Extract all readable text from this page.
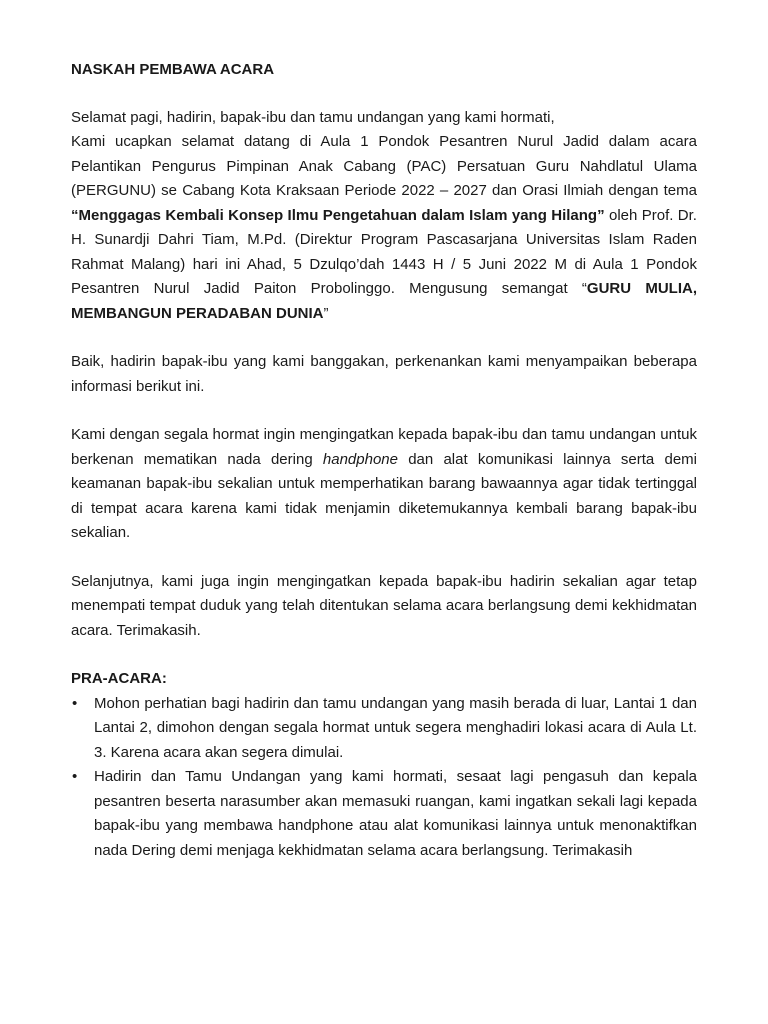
NASKAH PEMBAWA ACARA
Selamat pagi, hadirin, bapak-ibu dan tamu undangan yang kami hormati,
Kami ucapkan selamat datang di Aula 1 Pondok Pesantren Nurul Jadid dalam acara Pelantikan Pengurus Pimpinan Anak Cabang (PAC) Persatuan Guru Nahdlatul Ulama (PERGUNU) se Cabang Kota Kraksaan Periode 2022 – 2027 dan Orasi Ilmiah dengan tema “Menggagas Kembali Konsep Ilmu Pengetahuan dalam Islam yang Hilang” oleh Prof. Dr. H. Sunardji Dahri Tiam, M.Pd. (Direktur Program Pascasarjana Universitas Islam Raden Rahmat Malang) hari ini Ahad, 5 Dzulqo’dah 1443 H / 5 Juni 2022 M di Aula 1 Pondok Pesantren Nurul Jadid Paiton Probolinggo. Mengusung semangat “GURU MULIA, MEMBANGUN PERADABAN DUNIA”
Baik, hadirin bapak-ibu yang kami banggakan, perkenankan kami menyampaikan beberapa informasi berikut ini.
Kami dengan segala hormat ingin mengingatkan kepada bapak-ibu dan tamu undangan untuk berkenan mematikan nada dering handphone dan alat komunikasi lainnya serta demi keamanan bapak-ibu sekalian untuk memperhatikan barang bawaannya agar tidak tertinggal di tempat acara karena kami tidak menjamin diketemukannya kembali barang bapak-ibu sekalian.
Selanjutnya, kami juga ingin mengingatkan kepada bapak-ibu hadirin sekalian agar tetap menempati tempat duduk yang telah ditentukan selama acara berlangsung demi kekhidmatan acara. Terimakasih.
PRA-ACARA:
• Mohon perhatian bagi hadirin dan tamu undangan yang masih berada di luar, Lantai 1 dan Lantai 2, dimohon dengan segala hormat untuk segera menghadiri lokasi acara di Aula Lt. 3. Karena acara akan segera dimulai.
• Hadirin dan Tamu Undangan yang kami hormati, sesaat lagi pengasuh dan kepala pesantren beserta narasumber akan memasuki ruangan, kami ingatkan sekali lagi kepada bapak-ibu yang membawa handphone atau alat komunikasi lainnya untuk menonaktifkan nada Dering demi menjaga kekhidmatan selama acara berlangsung. Terimakasih
